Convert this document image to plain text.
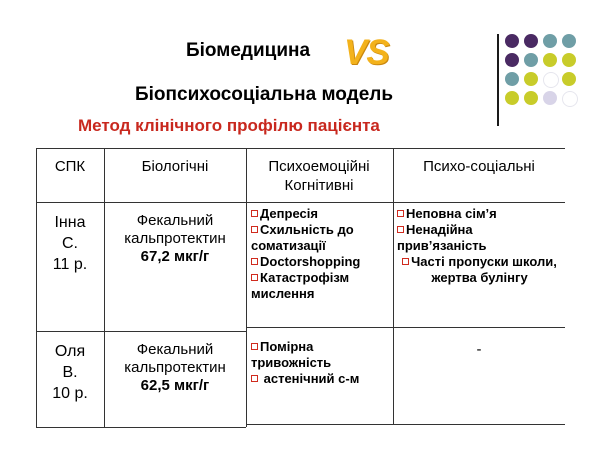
Біомедицина VS
Біопсихосоціальна модель
Метод клінічного профілю пацієнта
СПК	Біологічні	Психоемоційні Когнітивні
Психо-соціальні
Інна
С.
11 р.
Фекальний
кальпротектин
67,2 мкг/г
Депресія
Схильність до соматизації
Doctorshopping
Катастрофізм мислення
Неповна сім’я
Ненадійна прив’язаність
Часті пропуски школи, жертва булінгу
Оля
В.
10 р.
Фекальний
кальпротектин
62,5 мкг/г
Помірна тривожність
астенічний с-м
-
